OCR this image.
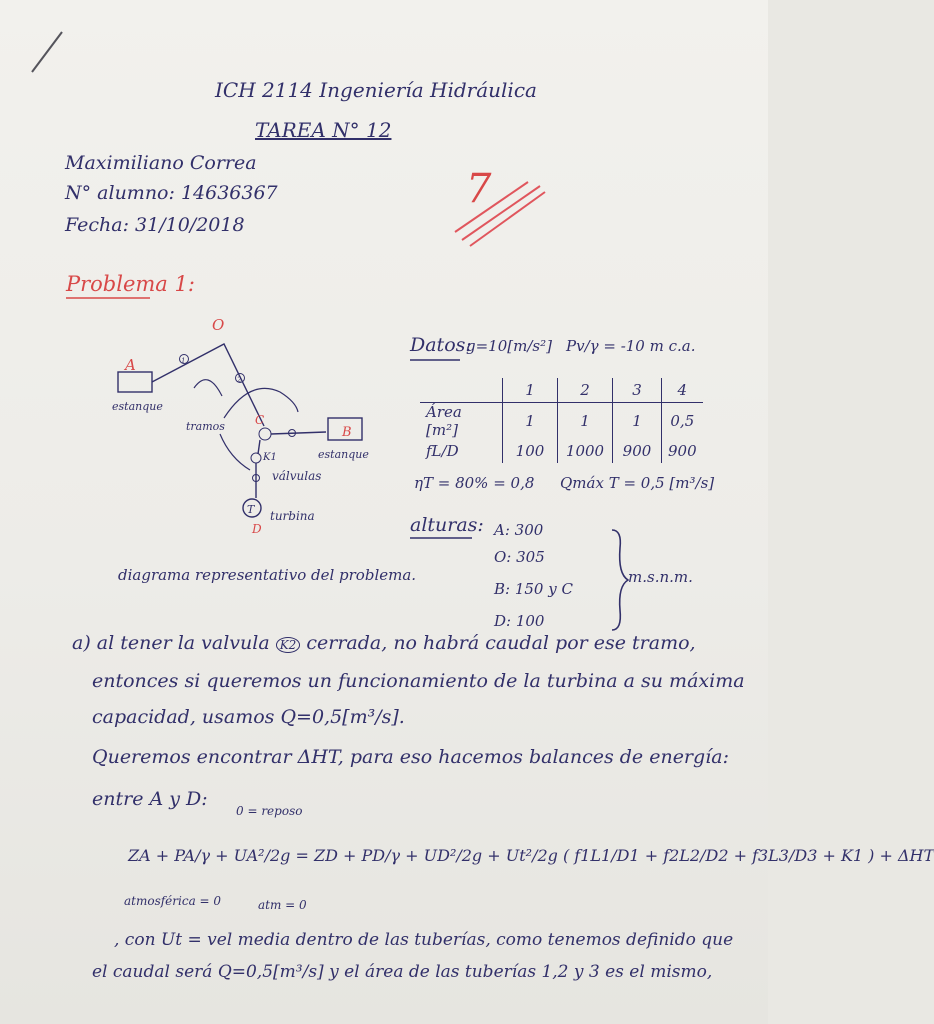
ICH 2114 Ingeniería Hidráulica
TAREA N° 12
Maximiliano Correa
N° alumno: 14636367
Fecha: 31/10/2018
7
Problema 1:
O
A
estanque
1
2
C
B
estanque
K1
T
D
turbina
válvulas
tramos
Datos:
g=10[m/s²] Pv/γ = -10 m c.a.
	1	2	3	4
Área [m²]	1	1	1	0,5
fL/D	100	1000	900	900
ηT = 80% = 0,8 Qmáx T = 0,5 [m³/s]
alturas: A: 300
O: 305
B: 150 y C
D: 100
m.s.n.m.
diagrama representativo del problema.
a) al tener la valvula K2 cerrada, no habrá caudal por ese tramo,
entonces si queremos un funcionamiento de la turbina a su máxima
capacidad, usamos Q=0,5[m³/s].
Queremos encontrar ΔHT, para eso hacemos balances de energía:
entre A y D:
0 = reposo
ZA + PA/γ + UA²/2g = ZD + PD/γ + UD²/2g + Ut²/2g ( f1L1/D1 + f2L2/D2 + f3L3/D3 + K1 ) + ΔHT
atmosférica = 0	atm = 0
, con Ut = vel media dentro de las tuberías, como tenemos definido que
el caudal será Q=0,5[m³/s] y el área de las tuberías 1,2 y 3 es el mismo,
